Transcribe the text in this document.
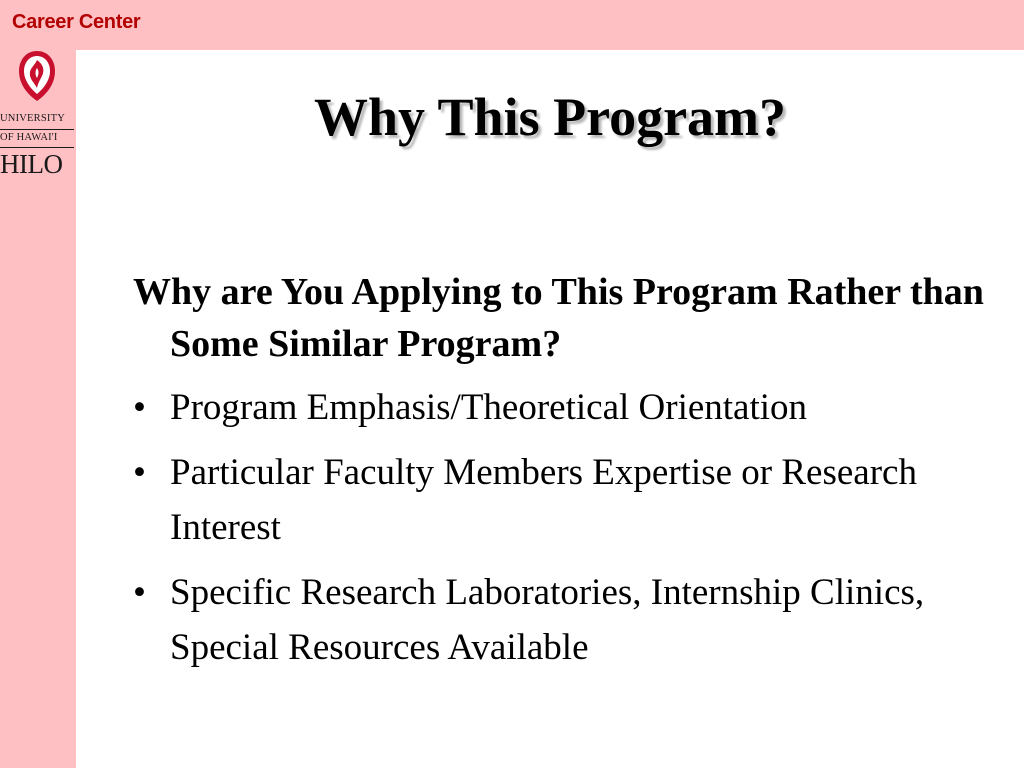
Career Center
UNIVERSITY
OF HAWAI'I
HILO
Why This Program?

Why are You Applying to This Program Rather than Some Similar Program?

• Program Emphasis/Theoretical Orientation
• Particular Faculty Members Expertise or Research Interest
• Specific Research Laboratories, Internship Clinics, Special Resources Available
